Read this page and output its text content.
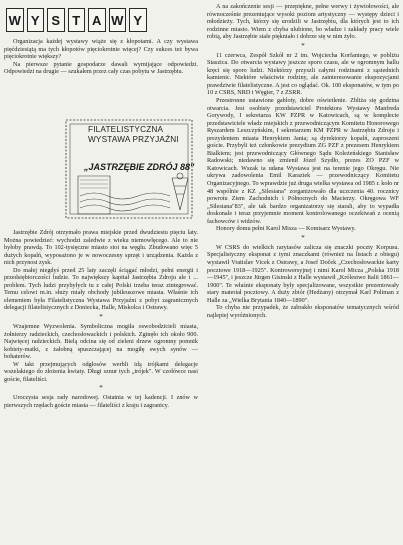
W Y S T A W Y

Organizacja każdej wystawy wiąże się z kłopotami. A czy wystawa pięćdziesiątą ma tych kłopotów pięciokrotnie więcej? Czy sukces też bywa pięciokrotnie większy?

Na pierwsze pytanie gospodarze dawali wymijające odpowiedzi. Odpowiedzi na drugie — szukałem przez cały czas pobytu w Jastrzębiu.

FILATELISTYCZNA
WYSTAWA PRZYJAŹNI
„JASTRZĘBIE ZDRÓJ 88"

Jastrzębie Zdrój otrzymało prawa miejskie przed dwudziestu pięciu laty. Można powiedzieć: wychodzi zaledwie z wieku niemowlęcego. Ale to nie byłoby prawdą. To 102-tysięczne miasto stoi na węglu. Zbudowano więc 5 dużych kopalń, wyposażono je w nowoczesny sprzęt i urządzenia. Każda z nich przynosi zysk.

Do małej niegdyś przed 25 laty zaczęli ściągać młodzi, pełni energii i przedsiębiorczości ludzie. To największy kapitał Jastrzębia Zdroju ale i ... problem. Tych ludzi przybyłych tu z całej Polski trzeba teraz zintegrować. Temu celowi m.in. służy miały obchody jubileuszowe miasta. Właśnie ich elementem była Filatelistyczna Wystawa Przyjaźni z pobyt zagranicznych delegacji filatelistycznych z Doniecka, Halle, Miskolca i Ostrawy.

*

Wzajemne Wyzwolenia. Symboliczna mogiła oswobodzicieli miasta, żołnierzy radzieckich, czechosłowackich i polskich. Zginęło ich około 900. Najwięcej radzieckich. Bielą odcina się od zieleni drzew ogromny pomnik kobiety-matki, z żałobną spuszczającej na mogiłę swych synów — bohaterów.

W takt przejmujących odgłosów werbli idą trójkami delegacje wszelakiego do złożenia kwiaty. Długi sznur tych „trójek". W czołówce nasi goście, filateliści.

*

Uroczysta sesja rady narodowej. Ostatnia w tej kadencji. I znów w pierwszych rzędach goście miasta — filateliści z kraju i zagranicy.

A na zakończenie sesji — przepiękne, pełne werwy i żywiołowości, ale równocześnie prezentujące wysoki poziom artystyczny — występy dzieci i młodzieży. Tych, którzy się urodzili w Jastrzębiu, dla których jest to ich rodzinne miasto. Wiem z chyba ulubione, bo władze i zakłady pracy wiele robią, aby Jastrzębie stale piękniało i dobrze się w nim żyło.

*

11 czerwca, Zespół Szkół nr 2 im. Wojciecha Korfantego, w pobliżu Staszica. Do otwarcia wystawy jeszcze sporo czasu, ale w ogromnym hallu kręci się sporo ludzi. Niektórzy przyszli całymi rodzinami z sąsiednich kamienic. Niektóre właściwie rodziny, ale zainteresowanie ekspozycjami prawdziwie filatelistyczne. A jest co oglądać. Ok. 100 eksponatów, w tym po 10 z CSRS, NRD i Węgier, 7 z ZSRR.

Przestronne ustawione gabloty, dobre oświetlenie. Zbliża się godzina otwarcia. Jest osobisty przedstawiciel Protektora Wystawy Manfreda Gorywody, I sekretarza KW PZPR w Katowicach, są w komplecie przedstawiciele władz miejskich z przewodniczącym Komitetu Honorowego Ryszardem Leszczyńskim, I sekretarzem KM PZPR w Jastrzębiu Zdroju i prezydentem miasta Henrykiem Jania; są dyrektorzy kopalń, zaproszeni goście. Przybyli też członkowie prezydium ZG PZF z prezesem Henrykiem Bialkiem; jest przewodniczący Głównego Sądu Koleżeńskiego Stanisław Radowski; niedawno się zmienił Józef Szydło, prezes ZO PZF w Katowicach. Wszak ta udana Wystawa jest na terenie jego Okręgu. Nie ukrywa zadowolenia Emil Karaziek — przewodniczący Komitetu Organizacyjnego. To wprawdzie już druga wielka wystawa od 1985 r. koło nr 48 wspólnie z KZ „Silesiana" zorganizowało dla uczczenia 40. rocznicy powrotu Ziem Zachodnich i Północnych do Macierzy. Okręgowa WF „Silesiana"83", ale tak bardzo organizatorzy się starali, aby to wypadła doskonale i teraz przyjemnie moment kontrolowanego oczekiwań z ocenią fachowców i widzów.

Honory domu pełni Karol Misza — Komisarz Wystawy.

*

W CSRS do wielkich rarytasów zalicza się znaczki poczty Korpusu. Specjalistyczny eksponat z tymi znaczkami (również na listach z obiegu) wystawił Vratislav Vicek z Ostrawy, a Josef Doček „Czechosłowackie karty pocztowe 1918—1925". Kontrowersyjnej i nimi Karol Micza „Polska 1918—1945", i jeszcze Jürgen Gisinski z Halle wystawił „Królestwo Italii 1861—1900". Te właśnie eksponaty były specjalizowane, wszystkie prezentowały stary materiał pocztowy. A duży zbiór (Hedżany) otrzymał Karl Poliman z Halle za „Wielka Brytania 1840—1890".

To chyba nie przypadek, że zabrakło eksponatów tematycznych wśród najlepiej wyróżnionych.
